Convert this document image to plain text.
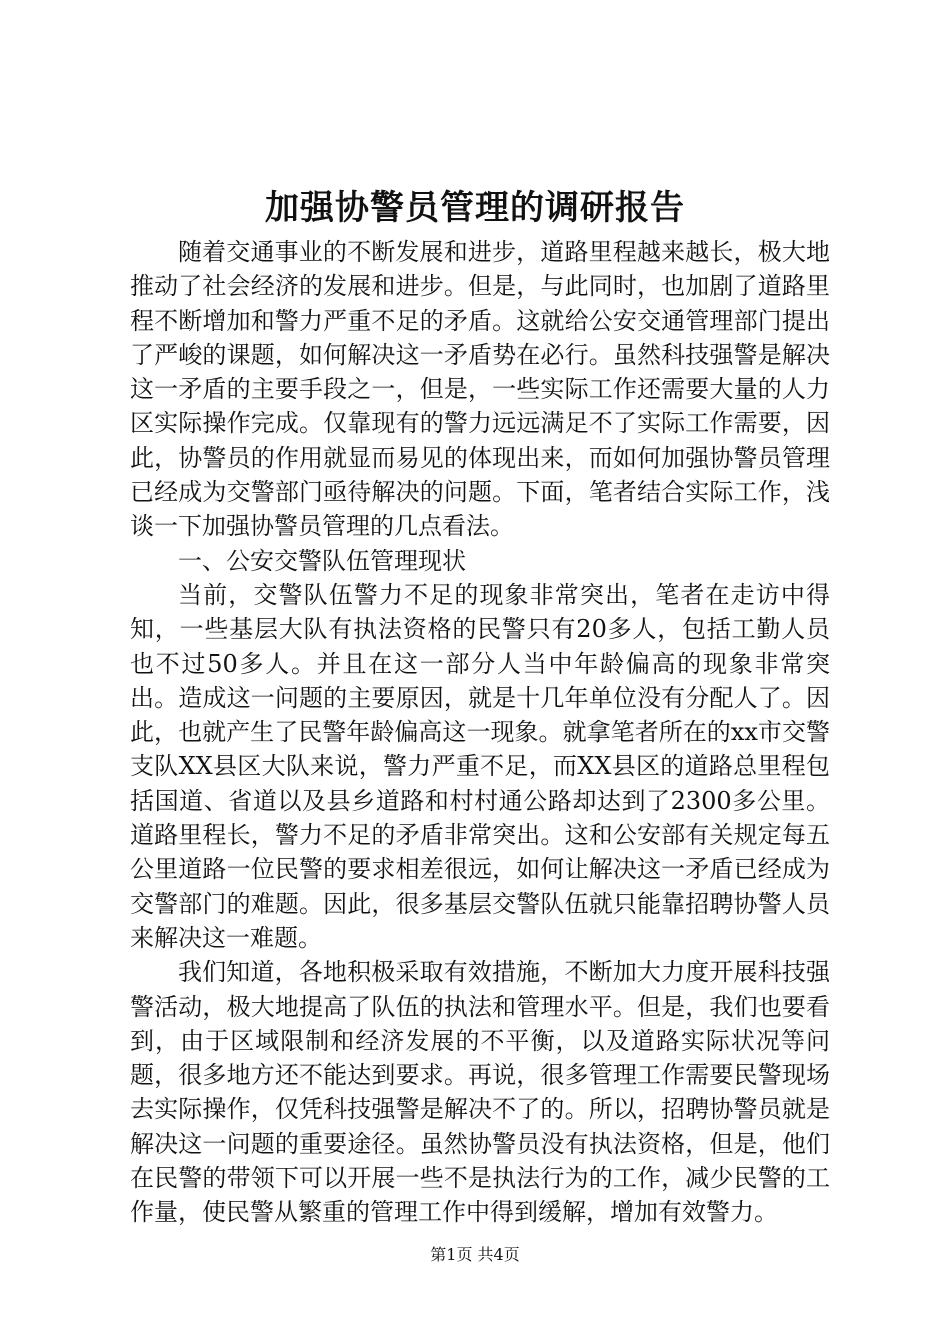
加强协警员管理的调研报告

随着交通事业的不断发展和进步，道路里程越来越长，极大地推动了社会经济的发展和进步。但是，与此同时，也加剧了道路里程不断增加和警力严重不足的矛盾。这就给公安交通管理部门提出了严峻的课题，如何解决这一矛盾势在必行。虽然科技强警是解决这一矛盾的主要手段之一，但是，一些实际工作还需要大量的人力区实际操作完成。仅靠现有的警力远远满足不了实际工作需要，因此，协警员的作用就显而易见的体现出来，而如何加强协警员管理已经成为交警部门亟待解决的问题。下面，笔者结合实际工作，浅谈一下加强协警员管理的几点看法。

一、公安交警队伍管理现状

当前，交警队伍警力不足的现象非常突出，笔者在走访中得知，一些基层大队有执法资格的民警只有20多人，包括工勤人员也不过50多人。并且在这一部分人当中年龄偏高的现象非常突出。造成这一问题的主要原因，就是十几年单位没有分配人了。因此，也就产生了民警年龄偏高这一现象。就拿笔者所在的xx市交警支队XX县区大队来说，警力严重不足，而XX县区的道路总里程包括国道、省道以及县乡道路和村村通公路却达到了2300多公里。道路里程长，警力不足的矛盾非常突出。这和公安部有关规定每五公里道路一位民警的要求相差很远，如何让解决这一矛盾已经成为交警部门的难题。因此，很多基层交警队伍就只能靠招聘协警人员来解决这一难题。

我们知道，各地积极采取有效措施，不断加大力度开展科技强警活动，极大地提高了队伍的执法和管理水平。但是，我们也要看到，由于区域限制和经济发展的不平衡，以及道路实际状况等问题，很多地方还不能达到要求。再说，很多管理工作需要民警现场去实际操作，仅凭科技强警是解决不了的。所以，招聘协警员就是解决这一问题的重要途径。虽然协警员没有执法资格，但是，他们在民警的带领下可以开展一些不是执法行为的工作，减少民警的工作量，使民警从繁重的管理工作中得到缓解，增加有效警力。

第1页 共4页
